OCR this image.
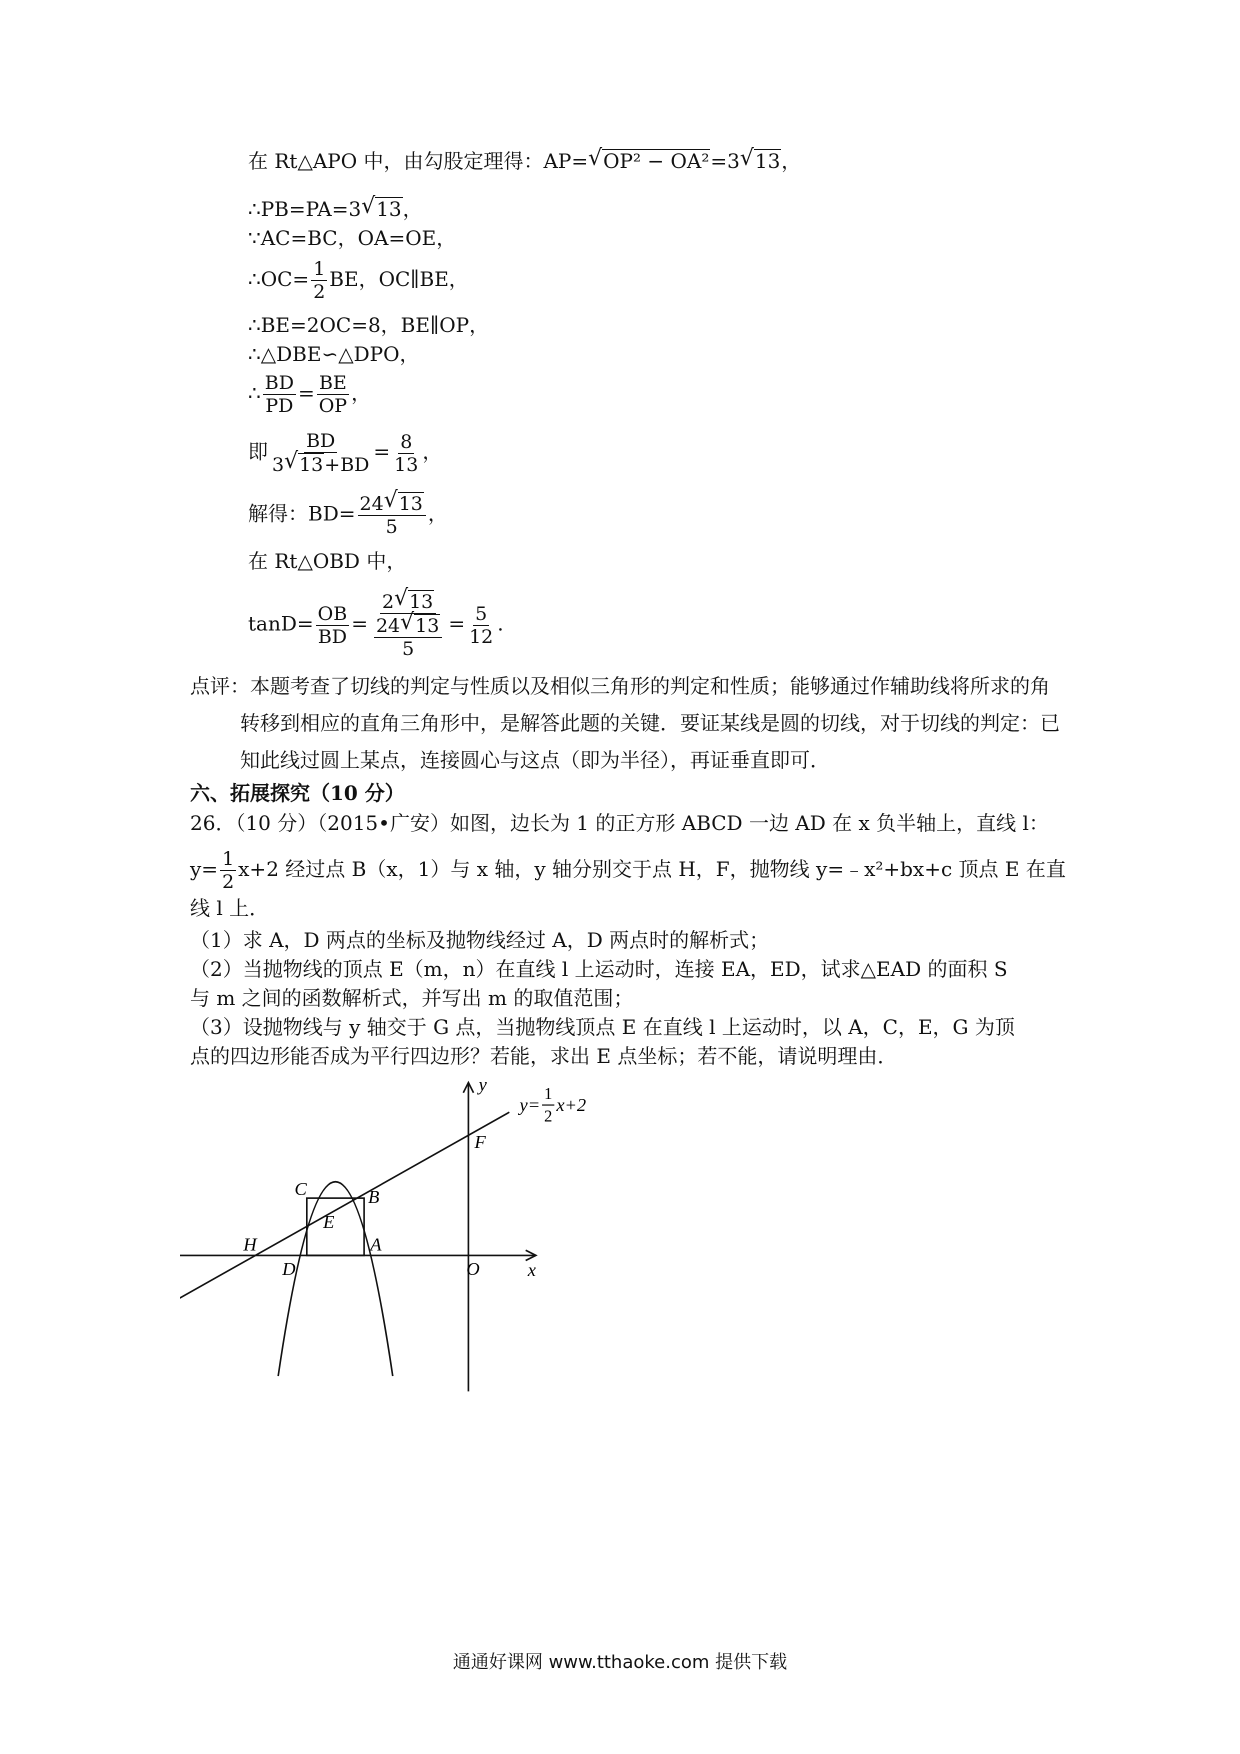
在 Rt△APO 中，由勾股定理得：AP= √ OP² − OA²=3 √ 13，
∴PB=PA=3 √ 13，
∵AC=BC，OA=OE，
∴OC= $\frac{1}{2}$ BE，OC∥BE，
∴BE=2OC=8，BE∥OP，
∴△DBE∽△DPO，
∴ $\frac{BD}{PD} = \frac{BE}{OP}$ ，
即 $\frac{BD}{3 √ 13+BD} = \frac{8}{13}$ ，
解得：$BD= \frac{24 √ 13}{5}$ ，
在 Rt△OBD 中，
$\tan D= \frac{OB}{BD} = \frac{2 √ 13}{\frac{24 √ 13}{5}} = \frac{5}{12}$ .
点评：本题考查了切线的判定与性质以及相似三角形的判定和性质；能够通过作辅助线将所求的角转移到相应的直角三角形中，是解答此题的关键．要证某线是圆的切线，对于切线的判定：已知此线过圆上某点，连接圆心与这点（即为半径），再证垂直即可．
六、拓展探究（10 分）
26．（10 分）（2015•广安）如图，边长为 1 的正方形 ABCD 一边 AD 在 x 负半轴上，直线 l：
$y= \frac{1}{2} x+2$ 经过点 B（x，1）与 x 轴，y 轴分别交于点 H，F，抛物线 y=﹣x²+bx+c 顶点 E 在直
线 l 上．
（1）求 A，D 两点的坐标及抛物线经过 A，D 两点时的解析式；
（2）当抛物线的顶点 E（m，n）在直线 l 上运动时，连接 EA，ED，试求△EAD 的面积 S
与 m 之间的函数解析式，并写出 m 的取值范围；
（3）设抛物线与 y 轴交于 G 点，当抛物线顶点 E 在直线 l 上运动时，以 A，C，E，G 为顶
点的四边形能否成为平行四边形？若能，求出 E 点坐标；若不能，请说明理由．
y
x
y=
1
2
x+2
F
C	B
E
H
D
A
O
通通好课网 www.tthaoke.com 提供下载
